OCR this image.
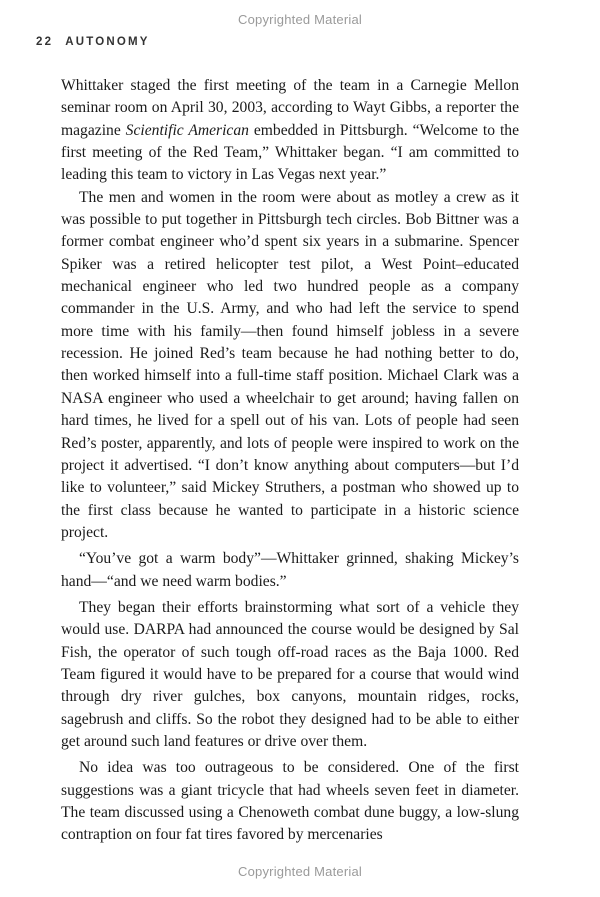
Copyrighted Material
22 AUTONOMY

Whittaker staged the first meeting of the team in a Carnegie Mellon seminar room on April 30, 2003, according to Wayt Gibbs, a reporter the magazine Scientific American embedded in Pittsburgh. “Welcome to the first meeting of the Red Team,” Whittaker began. “I am committed to leading this team to victory in Las Vegas next year.”

The men and women in the room were about as motley a crew as it was possible to put together in Pittsburgh tech circles. Bob Bittner was a former combat engineer who’d spent six years in a submarine. Spencer Spiker was a retired helicopter test pilot, a West Point–educated mechanical engineer who led two hundred people as a company commander in the U.S. Army, and who had left the service to spend more time with his family—then found himself jobless in a severe recession. He joined Red’s team because he had nothing better to do, then worked himself into a full-time staff position. Michael Clark was a NASA engineer who used a wheelchair to get around; having fallen on hard times, he lived for a spell out of his van. Lots of people had seen Red’s poster, apparently, and lots of people were inspired to work on the project it advertised. “I don’t know anything about computers—but I’d like to volunteer,” said Mickey Struthers, a postman who showed up to the first class because he wanted to participate in a historic science project.

“You’ve got a warm body”—Whittaker grinned, shaking Mickey’s hand—“and we need warm bodies.”

They began their efforts brainstorming what sort of a vehicle they would use. DARPA had announced the course would be designed by Sal Fish, the operator of such tough off-road races as the Baja 1000. Red Team figured it would have to be prepared for a course that would wind through dry river gulches, box canyons, mountain ridges, rocks, sagebrush and cliffs. So the robot they designed had to be able to either get around such land features or drive over them.

No idea was too outrageous to be considered. One of the first suggestions was a giant tricycle that had wheels seven feet in diameter. The team discussed using a Chenoweth combat dune buggy, a low-slung contraption on four fat tires favored by mercenaries

Copyrighted Material
